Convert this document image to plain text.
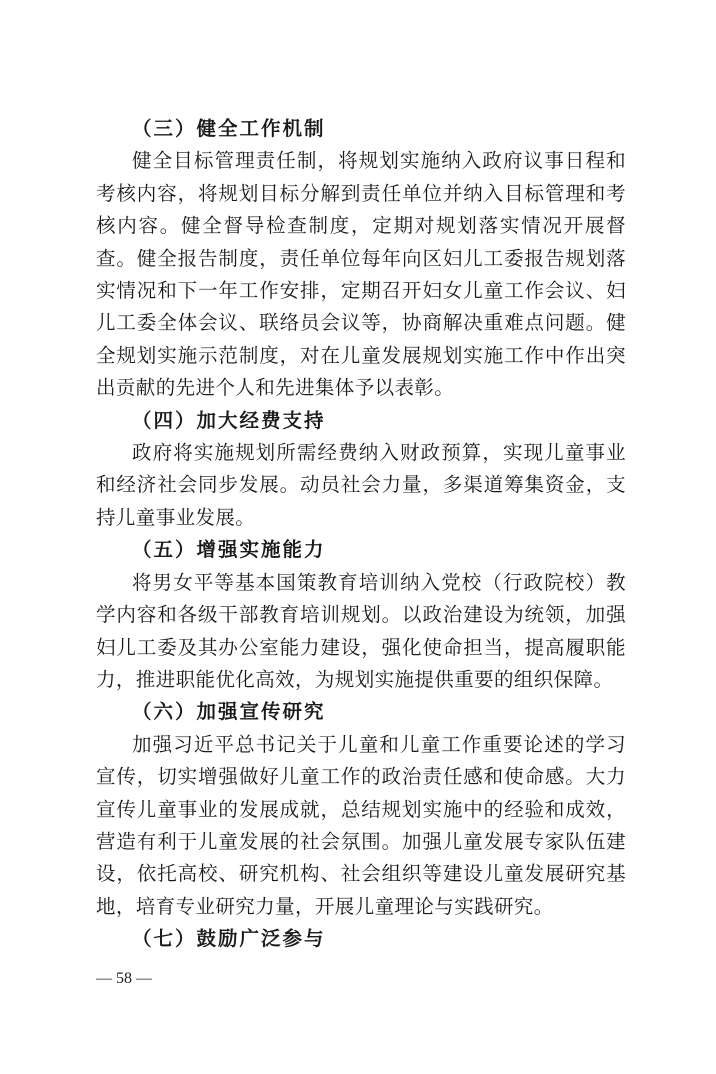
（三）健全工作机制

健全目标管理责任制，将规划实施纳入政府议事日程和考核内容，将规划目标分解到责任单位并纳入目标管理和考核内容。健全督导检查制度，定期对规划落实情况开展督查。健全报告制度，责任单位每年向区妇儿工委报告规划落实情况和下一年工作安排，定期召开妇女儿童工作会议、妇儿工委全体会议、联络员会议等，协商解决重难点问题。健全规划实施示范制度，对在儿童发展规划实施工作中作出突出贡献的先进个人和先进集体予以表彰。

（四）加大经费支持

政府将实施规划所需经费纳入财政预算，实现儿童事业和经济社会同步发展。动员社会力量，多渠道筹集资金，支持儿童事业发展。

（五）增强实施能力

将男女平等基本国策教育培训纳入党校（行政院校）教学内容和各级干部教育培训规划。以政治建设为统领，加强妇儿工委及其办公室能力建设，强化使命担当，提高履职能力，推进职能优化高效，为规划实施提供重要的组织保障。

（六）加强宣传研究

加强习近平总书记关于儿童和儿童工作重要论述的学习宣传，切实增强做好儿童工作的政治责任感和使命感。大力宣传儿童事业的发展成就，总结规划实施中的经验和成效，营造有利于儿童发展的社会氛围。加强儿童发展专家队伍建设，依托高校、研究机构、社会组织等建设儿童发展研究基地，培育专业研究力量，开展儿童理论与实践研究。

（七）鼓励广泛参与

— 58 —
